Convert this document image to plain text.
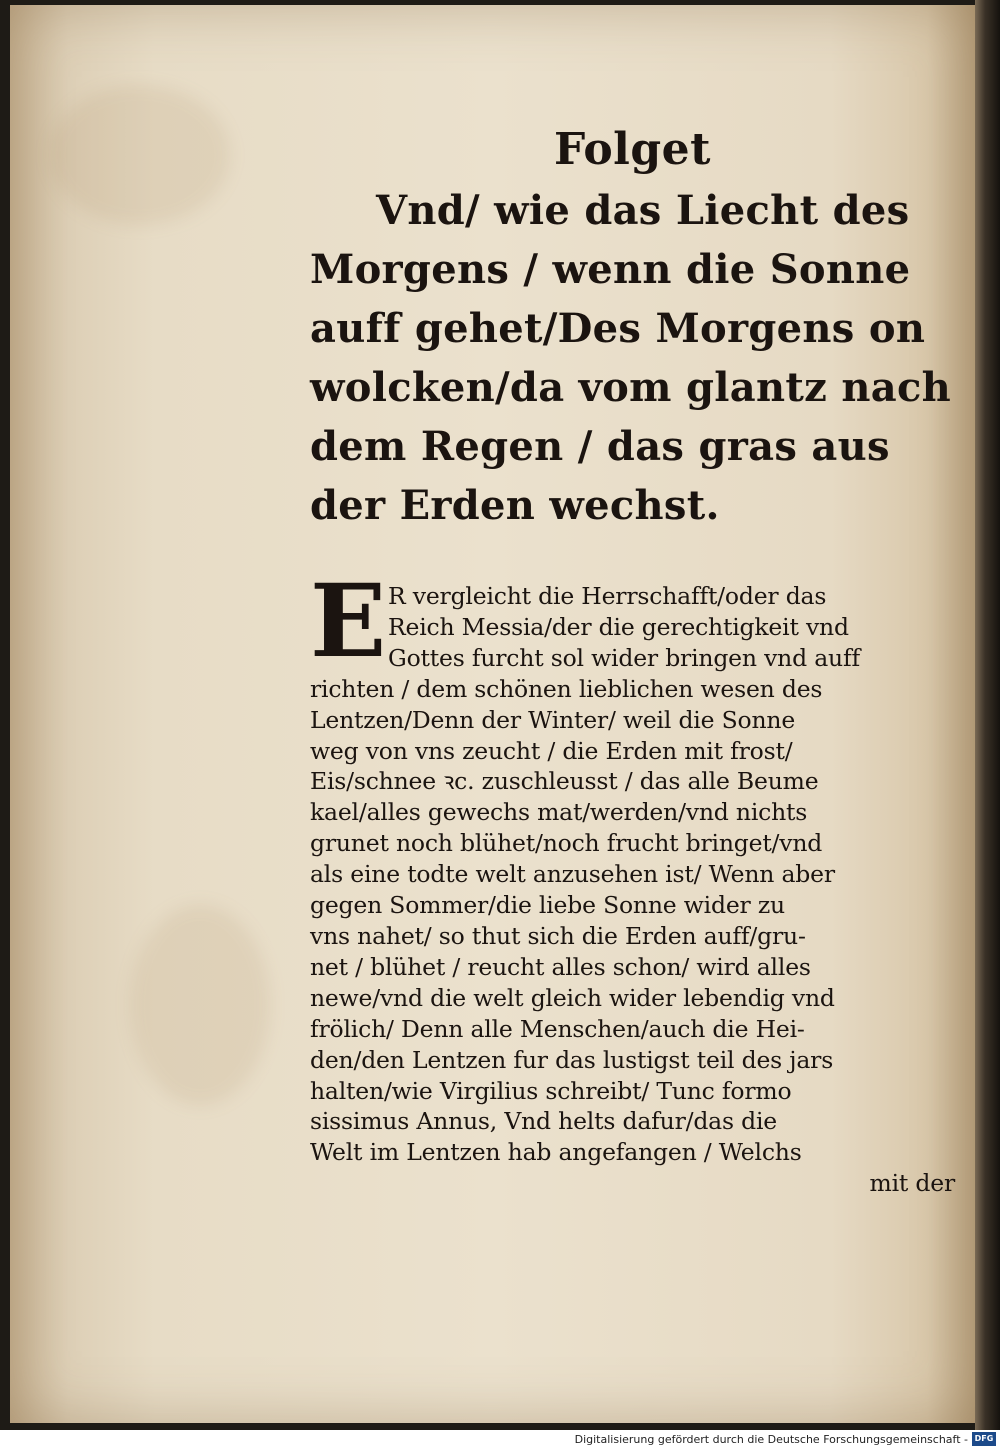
Folget
Vnd/ wie das Liecht des
Morgens / wenn die Sonne
auff gehet/Des Morgens on
wolcken/da vom glantz nach
dem Regen / das gras aus
der Erden wechst.
E R vergleicht die Herrschafft/oder das
Reich Messia/der die gerechtigkeit vnd
Gottes furcht sol wider bringen vnd auff
richten / dem schönen lieblichen wesen des
Lentzen/Denn der Winter/ weil die Sonne
weg von vns zeucht / die Erden mit frost/
Eis/schnee ꝛc. zuschleusst / das alle Beume
kael/alles gewechs mat/werden/vnd nichts
grunet noch blühet/noch frucht bringet/vnd
als eine todte welt anzusehen ist/ Wenn aber
gegen Sommer/die liebe Sonne wider zu
vns nahet/ so thut sich die Erden auff/gru-
net / blühet / reucht alles schon/ wird alles
newe/vnd die welt gleich wider lebendig vnd
frölich/ Denn alle Menschen/auch die Hei-
den/den Lentzen fur das lustigst teil des jars
halten/wie Virgilius schreibt/ Tunc formo
sissimus Annus, Vnd helts dafur/das die
Welt im Lentzen hab angefangen / Welchs
mit der
Digitalisierung gefördert durch die Deutsche Forschungsgemeinschaft - DFG
